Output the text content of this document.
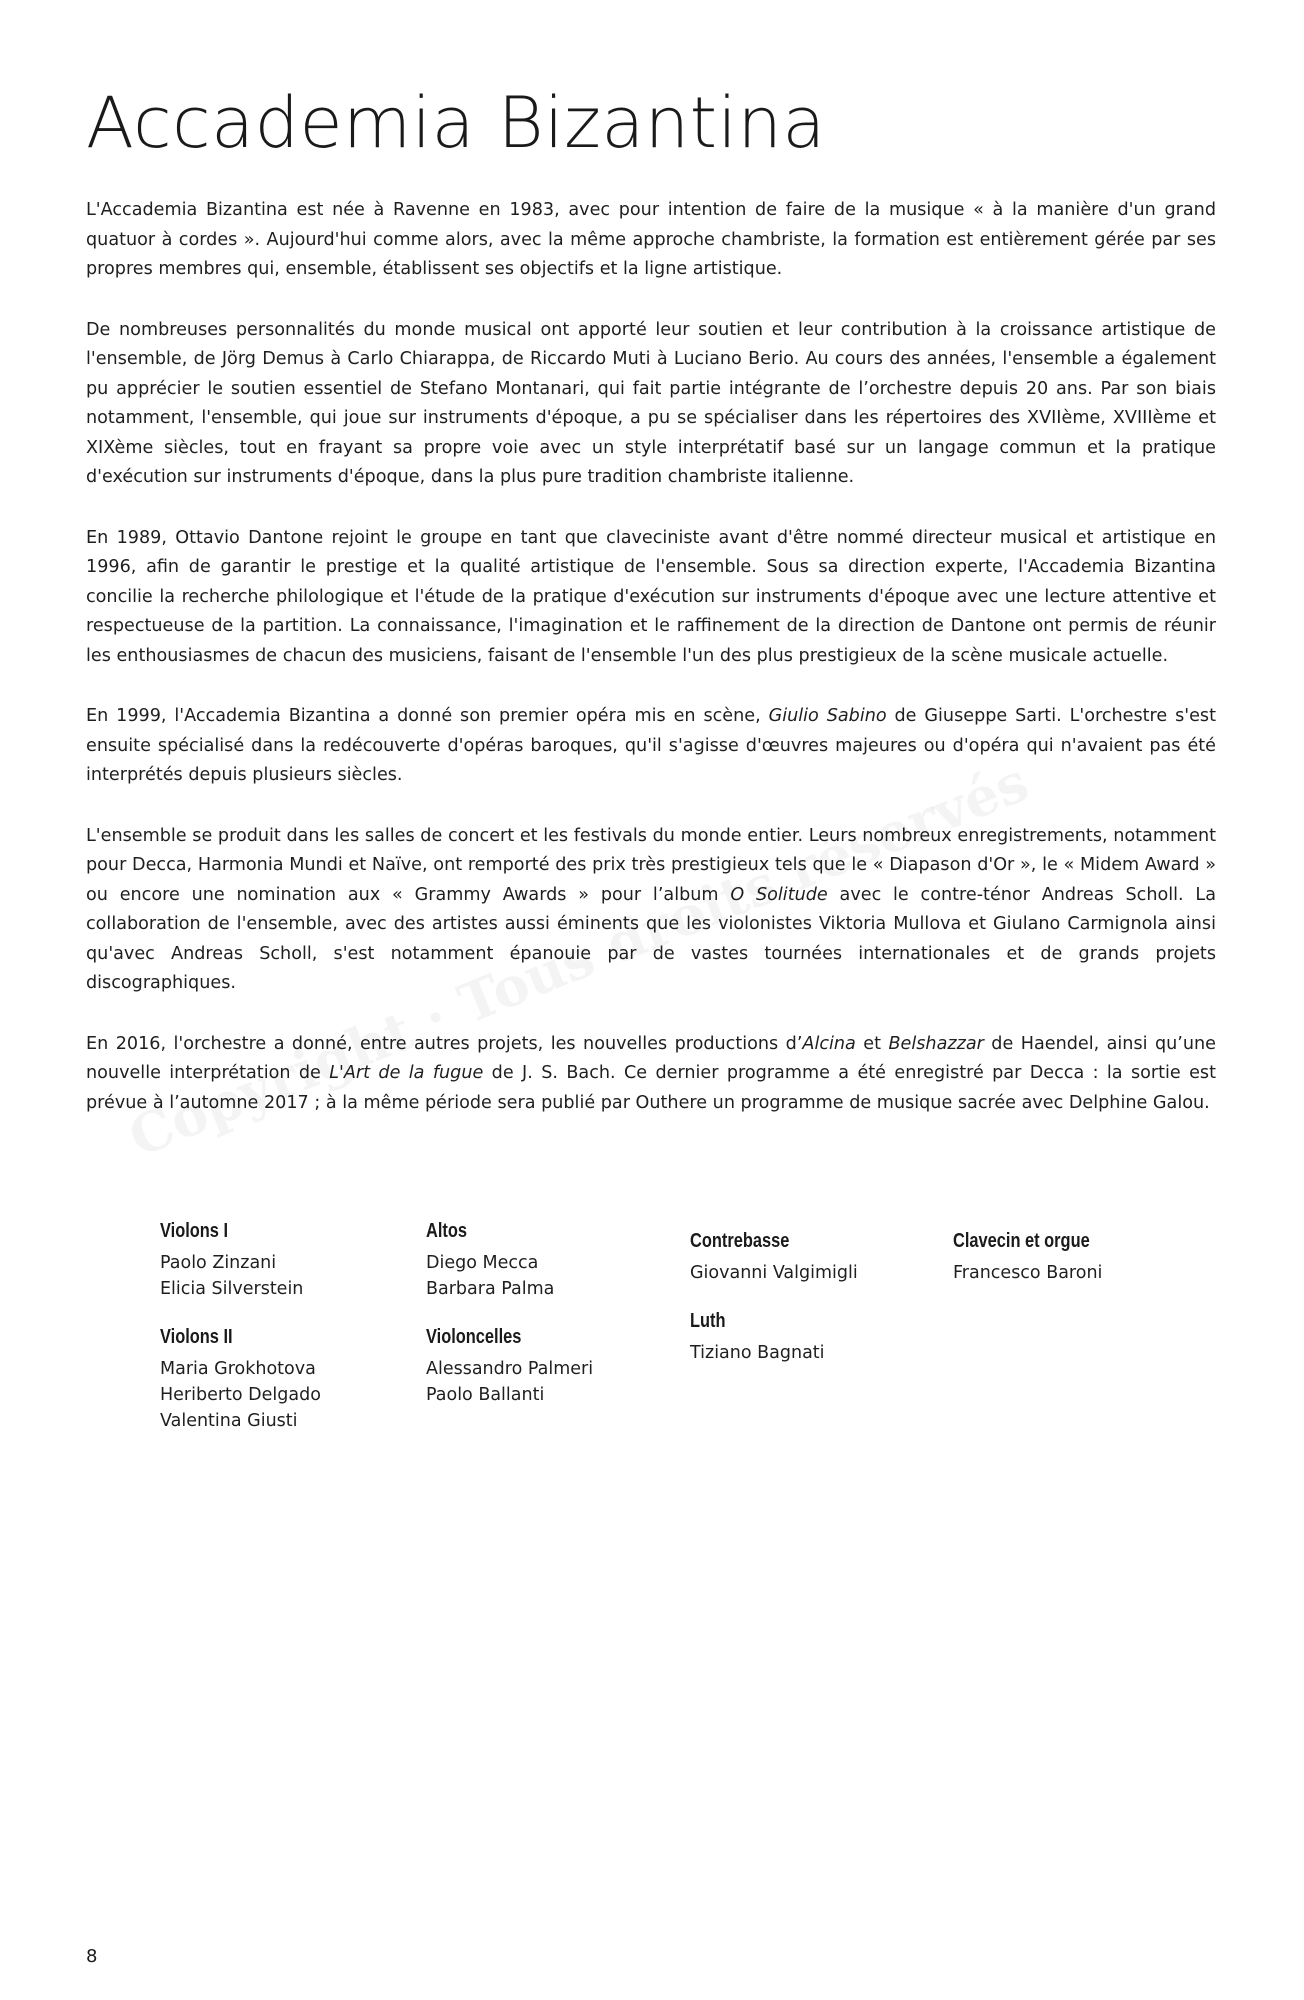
Accademia Bizantina

L'Accademia Bizantina est née à Ravenne en 1983, avec pour intention de faire de la musique « à la manière d'un grand quatuor à cordes ». Aujourd'hui comme alors, avec la même approche chambriste, la formation est entièrement gérée par ses propres membres qui, ensemble, établissent ses objectifs et la ligne artistique.

De nombreuses personnalités du monde musical ont apporté leur soutien et leur contribution à la croissance artistique de l'ensemble, de Jörg Demus à Carlo Chiarappa, de Riccardo Muti à Luciano Berio. Au cours des années, l'ensemble a également pu apprécier le soutien essentiel de Stefano Montanari, qui fait partie intégrante de l’orchestre depuis 20 ans. Par son biais notamment, l'ensemble, qui joue sur instruments d'époque, a pu se spécialiser dans les répertoires des XVIIème, XVIIIème et XIXème siècles, tout en frayant sa propre voie avec un style interprétatif basé sur un langage commun et la pratique d'exécution sur instruments d'époque, dans la plus pure tradition chambriste italienne.

En 1989, Ottavio Dantone rejoint le groupe en tant que claveciniste avant d'être nommé directeur musical et artistique en 1996, afin de garantir le prestige et la qualité artistique de l'ensemble. Sous sa direction experte, l'Accademia Bizantina concilie la recherche philologique et l'étude de la pratique d'exécution sur instruments d'époque avec une lecture attentive et respectueuse de la partition. La connaissance, l'imagination et le raffinement de la direction de Dantone ont permis de réunir les enthousiasmes de chacun des musiciens, faisant de l'ensemble l'un des plus prestigieux de la scène musicale actuelle.

En 1999, l'Accademia Bizantina a donné son premier opéra mis en scène, Giulio Sabino de Giuseppe Sarti. L'orchestre s'est ensuite spécialisé dans la redécouverte d'opéras baroques, qu'il s'agisse d'œuvres majeures ou d'opéra qui n'avaient pas été interprétés depuis plusieurs siècles.

L'ensemble se produit dans les salles de concert et les festivals du monde entier. Leurs nombreux enregistrements, notamment pour Decca, Harmonia Mundi et Naïve, ont remporté des prix très prestigieux tels que le « Diapason d'Or », le « Midem Award » ou encore une nomination aux « Grammy Awards » pour l’album O Solitude avec le contre-ténor Andreas Scholl. La collaboration de l'ensemble, avec des artistes aussi éminents que les violonistes Viktoria Mullova et Giulano Carmignola ainsi qu'avec Andreas Scholl, s'est notamment épanouie par de vastes tournées internationales et de grands projets discographiques.

En 2016, l'orchestre a donné, entre autres projets, les nouvelles productions d’Alcina et Belshazzar de Haendel, ainsi qu’une nouvelle interprétation de L'Art de la fugue de J. S. Bach. Ce dernier programme a été enregistré par Decca : la sortie est prévue à l’automne 2017 ; à la même période sera publié par Outhere un programme de musique sacrée avec Delphine Galou.

Violons I
Paolo Zinzani
Elicia Silverstein
Violons II
Maria Grokhotova
Heriberto Delgado
Valentina Giusti
Altos
Diego Mecca
Barbara Palma
Violoncelles
Alessandro Palmeri
Paolo Ballanti
Contrebasse
Giovanni Valgimigli
Luth
Tiziano Bagnati
Clavecin et orgue
Francesco Baroni
8
